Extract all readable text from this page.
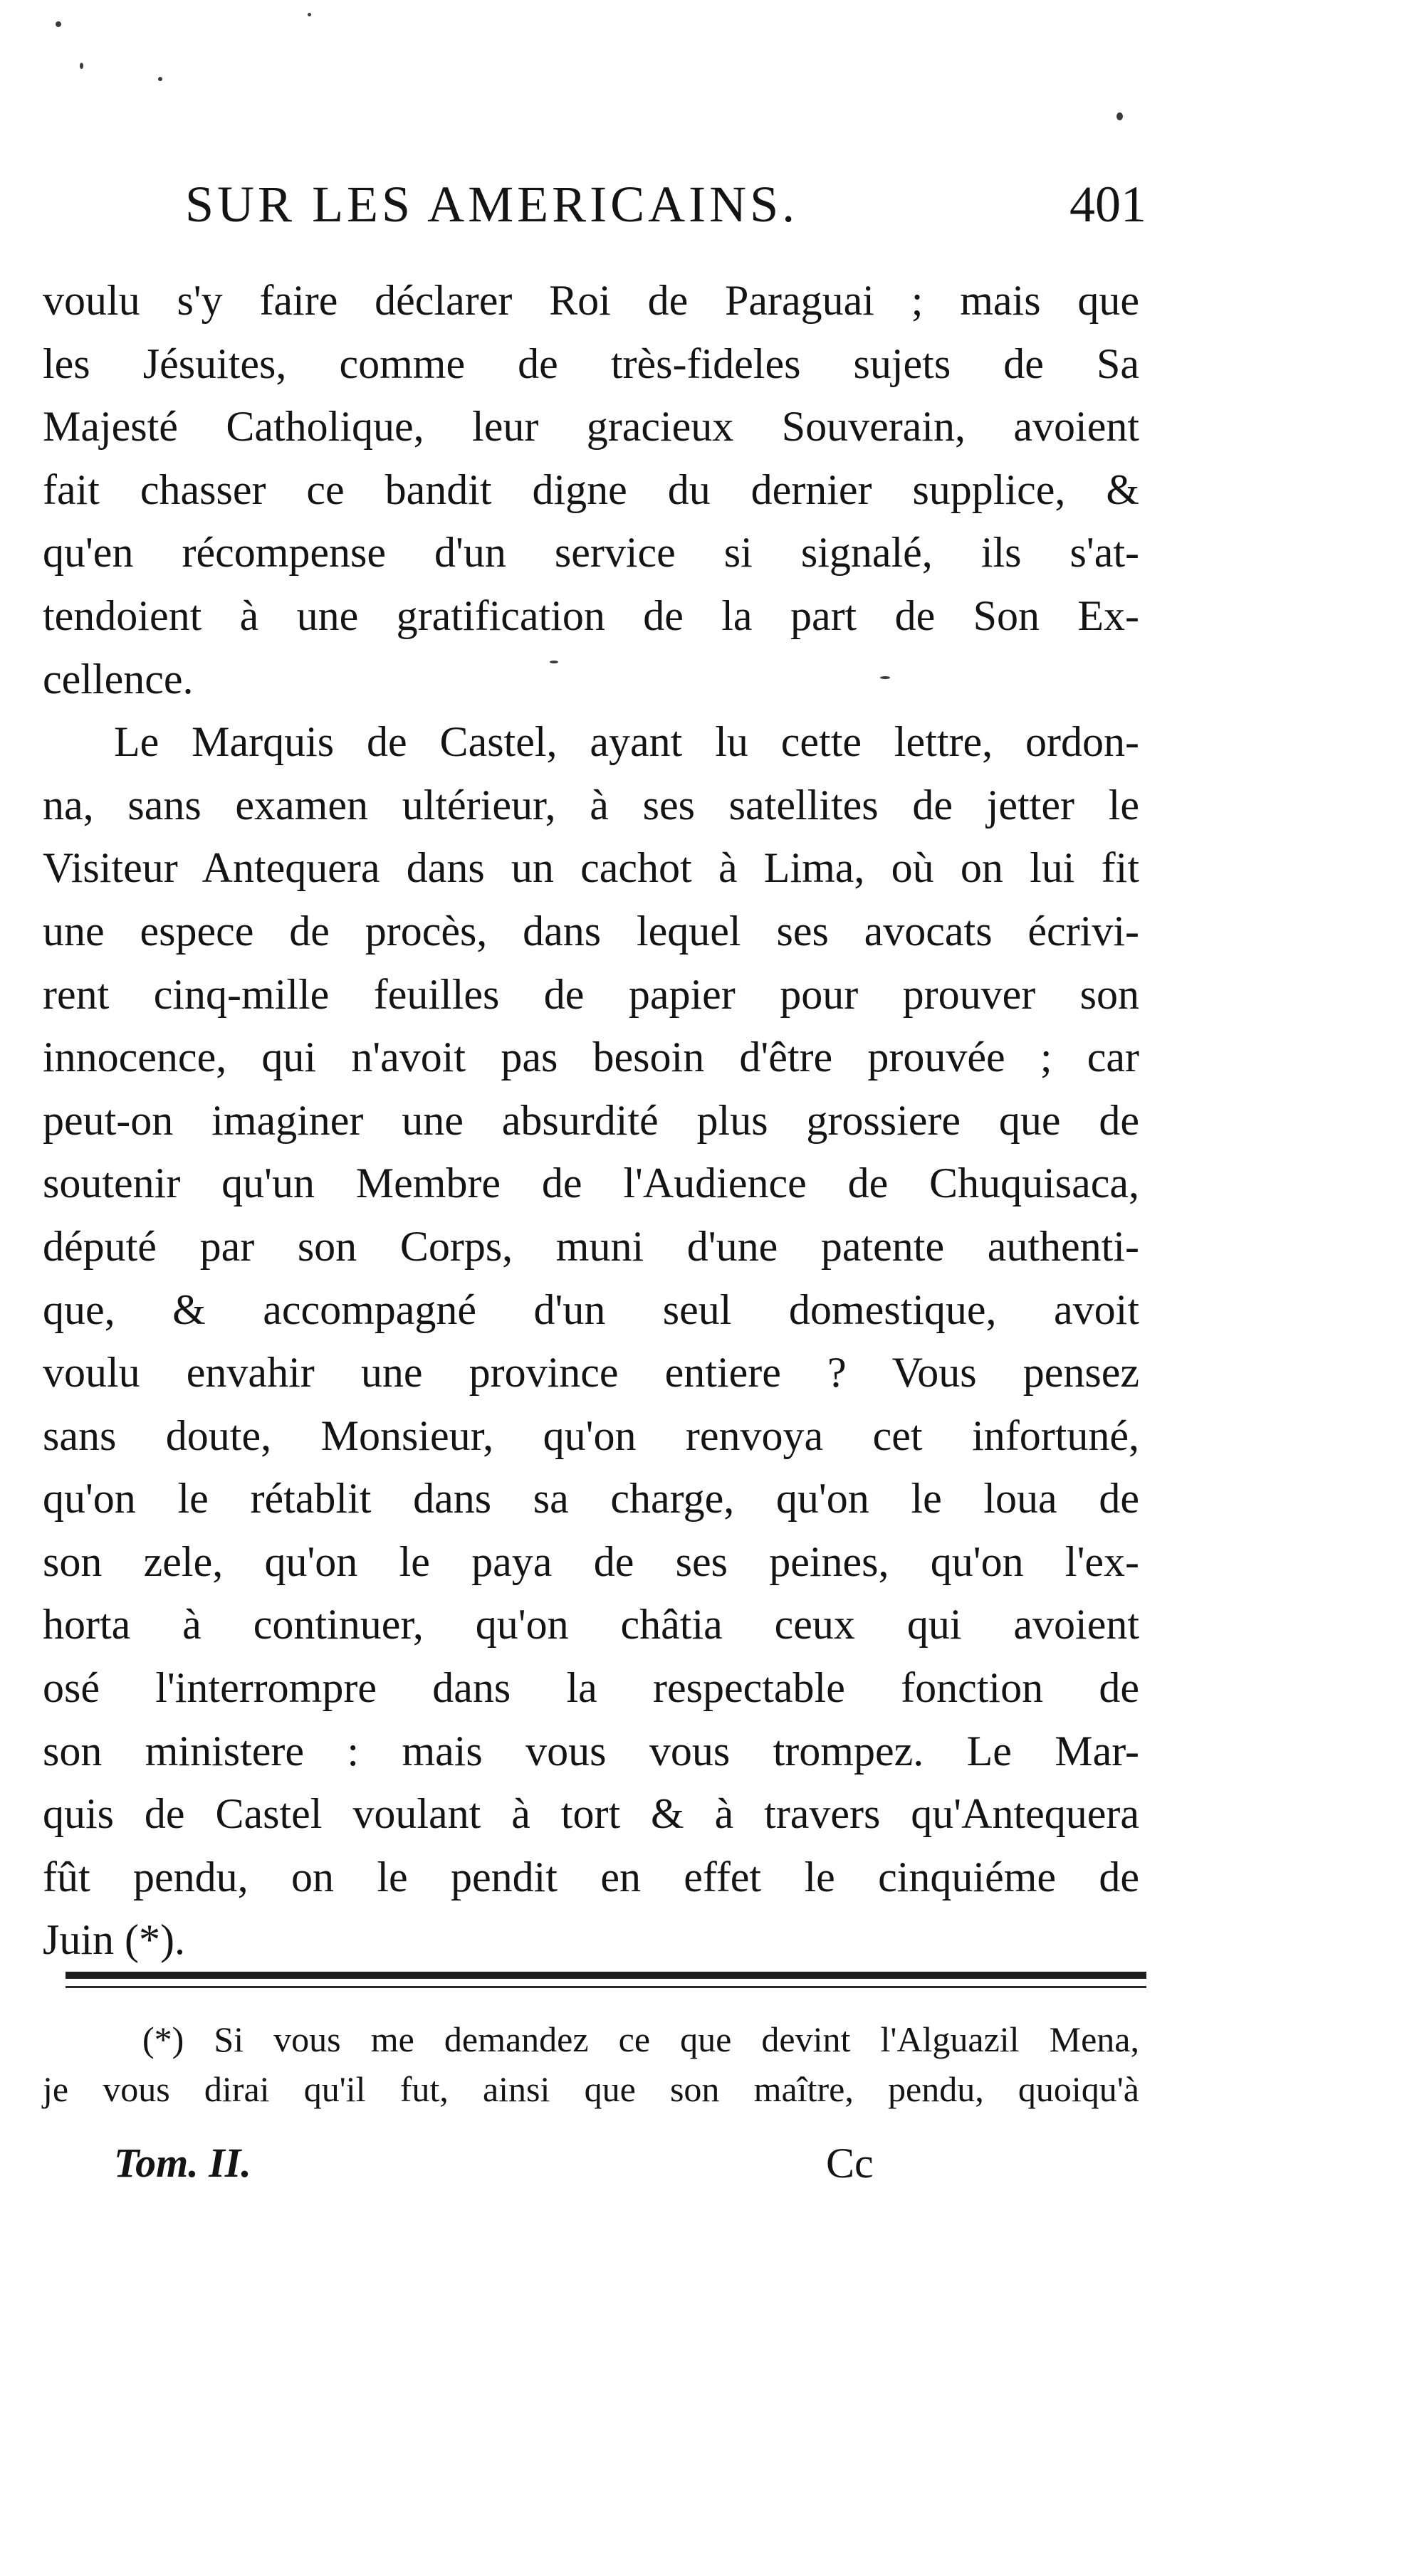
SUR LES AMERICAINS.	401

voulu s'y faire déclarer Roi de Paraguai ; mais que
les Jésuites, comme de très-fideles sujets de Sa
Majesté Catholique, leur gracieux Souverain, avoient
fait chasser ce bandit digne du dernier supplice, &
qu'en récompense d'un service si signalé, ils s'at-
tendoient à une gratification de la part de Son Ex-
cellence.

Le Marquis de Castel, ayant lu cette lettre, ordon-
na, sans examen ultérieur, à ses satellites de jetter le
Visiteur Antequera dans un cachot à Lima, où on lui fit
une espece de procès, dans lequel ses avocats écrivi-
rent cinq-mille feuilles de papier pour prouver son
innocence, qui n'avoit pas besoin d'être prouvée ; car
peut-on imaginer une absurdité plus grossiere que de
soutenir qu'un Membre de l'Audience de Chuquisaca,
député par son Corps, muni d'une patente authenti-
que, & accompagné d'un seul domestique, avoit
voulu envahir une province entiere ? Vous pensez
sans doute, Monsieur, qu'on renvoya cet infortuné,
qu'on le rétablit dans sa charge, qu'on le loua de
son zele, qu'on le paya de ses peines, qu'on l'ex-
horta à continuer, qu'on châtia ceux qui avoient
osé l'interrompre dans la respectable fonction de
son ministere : mais vous vous trompez. Le Mar-
quis de Castel voulant à tort & à travers qu'Antequera
fût pendu, on le pendit en effet le cinquiéme de
Juin (*).

(*) Si vous me demandez ce que devint l'Alguazil Mena,
je vous dirai qu'il fut, ainsi que son maître, pendu, quoiqu'à
Tom. II.	Cc
